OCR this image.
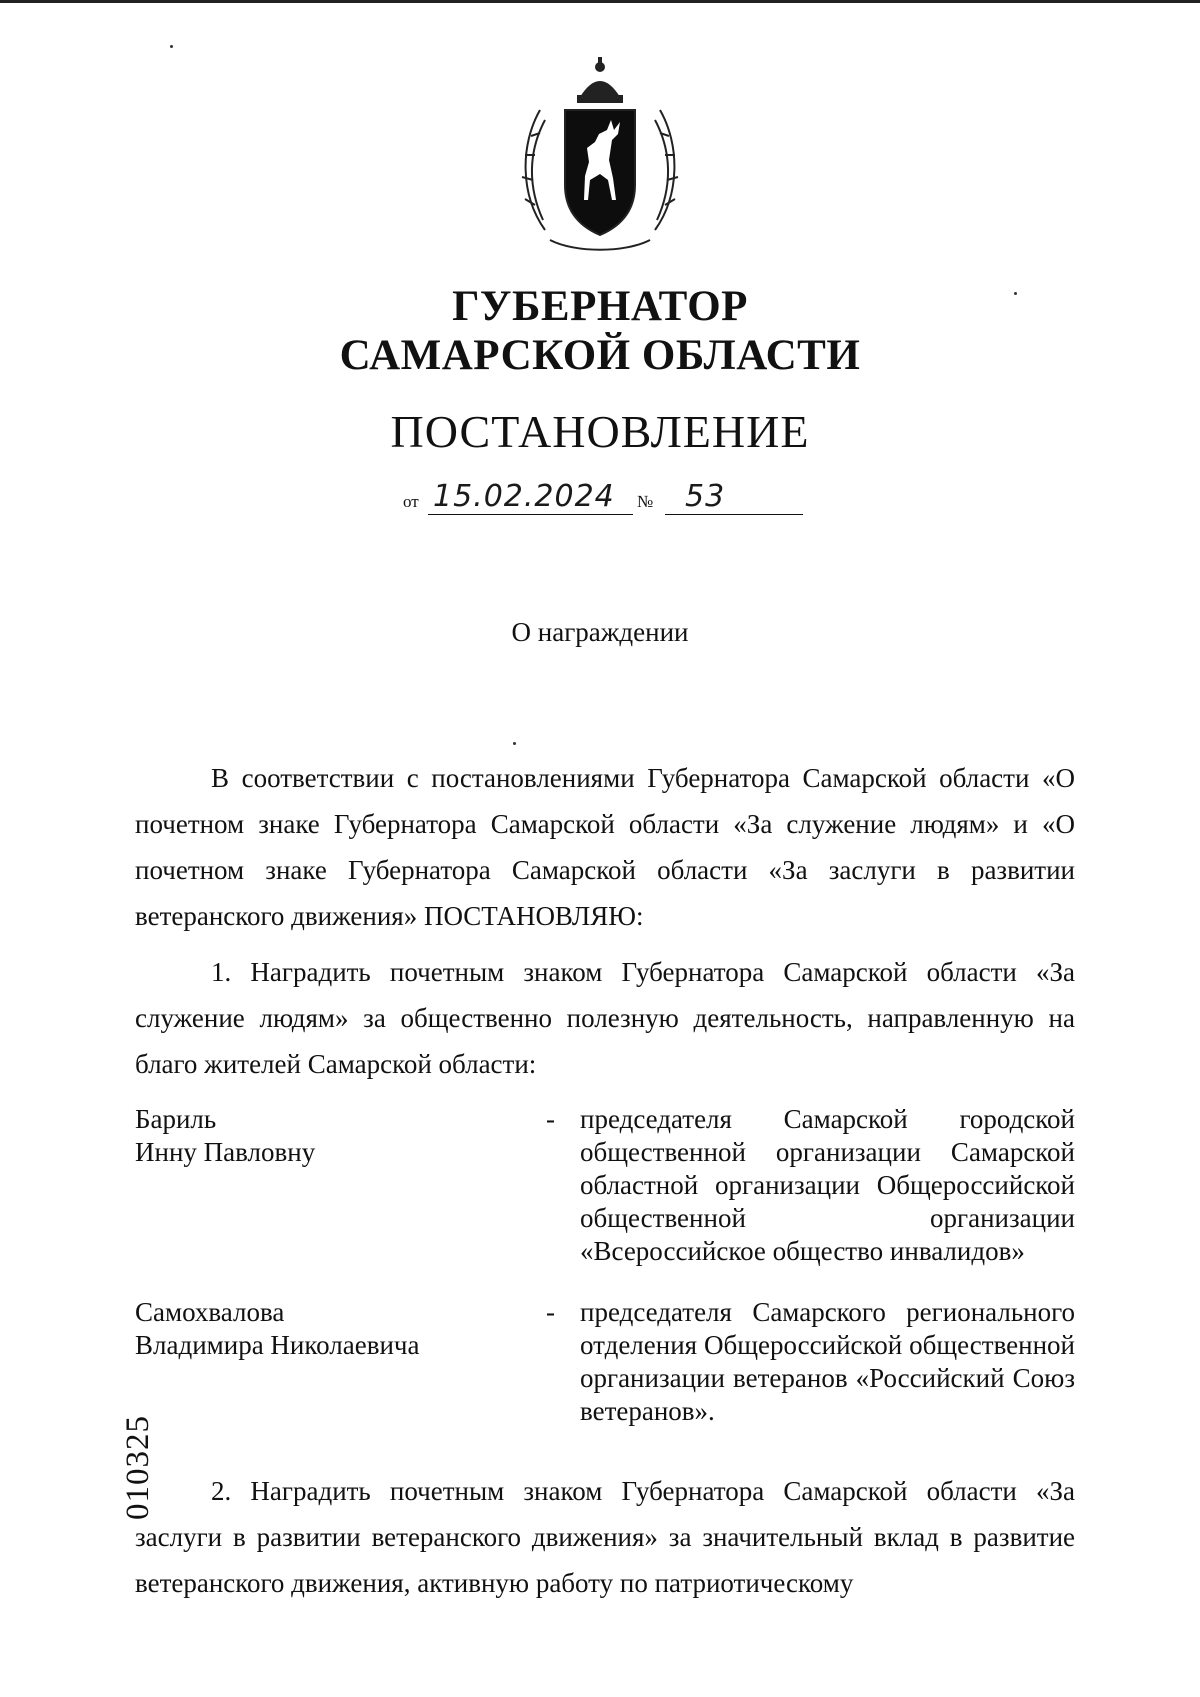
ГУБЕРНАТОР
САМАРСКОЙ ОБЛАСТИ
ПОСТАНОВЛЕНИЕ
от 15.02.2024 № 53
О награждении

В соответствии с постановлениями Губернатора Самарской области «О почетном знаке Губернатора Самарской области «За служение людям» и «О почетном знаке Губернатора Самарской области «За заслуги в развитии ветеранского движения» ПОСТАНОВЛЯЮ:

1. Наградить почетным знаком Губернатора Самарской области «За служение людям» за общественно полезную деятельность, направленную на благо жителей Самарской области:

Бариль
Инну Павловну
- председателя Самарской городской общественной организации Самарской областной организации Общероссийской общественной организации «Всероссийское общество инвалидов»
Самохвалова
Владимира Николаевича
- председателя Самарского регионального отделения Общероссийской общественной организации ветеранов «Российский Союз ветеранов».

2. Наградить почетным знаком Губернатора Самарской области «За заслуги в развитии ветеранского движения» за значительный вклад в развитие ветеранского движения, активную работу по патриотическому

010325
